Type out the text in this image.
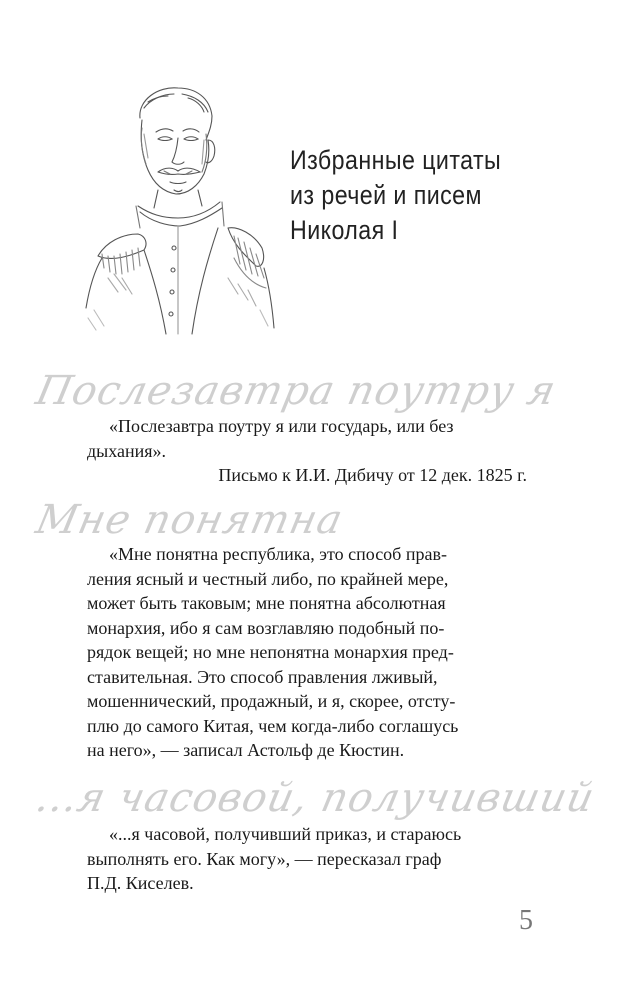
Избранные цитаты
из речей и писем
Николая I
Послезавтра поутру я

«Послезавтра поутру я или государь, или без

дыхания».

Письмо к И.И. Дибичу от 12 дек. 1825 г.

Мне понятна

«Мне понятна республика, это способ прав-

ления ясный и честный либо, по крайней мере,

может быть таковым; мне понятна абсолютная

монархия, ибо я сам возглавляю подобный по-

рядок вещей; но мне непонятна монархия пред-

ставительная. Это способ правления лживый,

мошеннический, продажный, и я, скорее, отсту-

плю до самого Китая, чем когда-либо соглашусь

на него», — записал Астольф де Кюстин.

...я часовой, получивший

«...я часовой, получивший приказ, и стараюсь

выполнять его. Как могу», — пересказал граф

П.Д. Киселев.

5
